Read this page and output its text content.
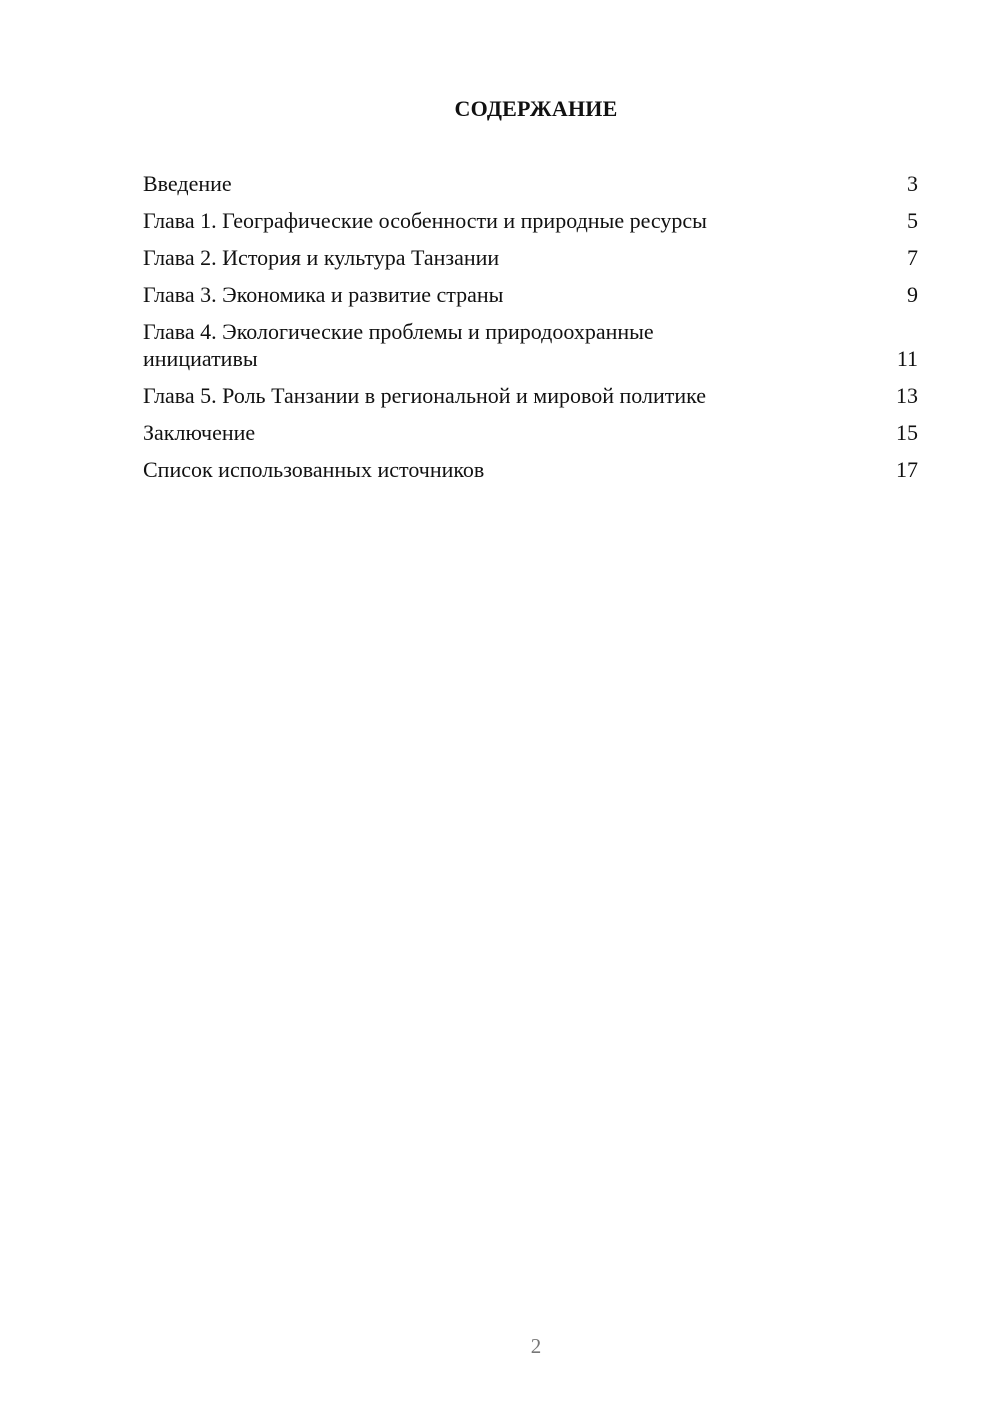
СОДЕРЖАНИЕ
Введение	3
Глава 1. Географические особенности и природные ресурсы	5
Глава 2. История и культура Танзании	7
Глава 3. Экономика и развитие страны	9
Глава 4. Экологические проблемы и природоохранные инициативы	11
Глава 5. Роль Танзании в региональной и мировой политике	13
Заключение	15
Список использованных источников	17
2
